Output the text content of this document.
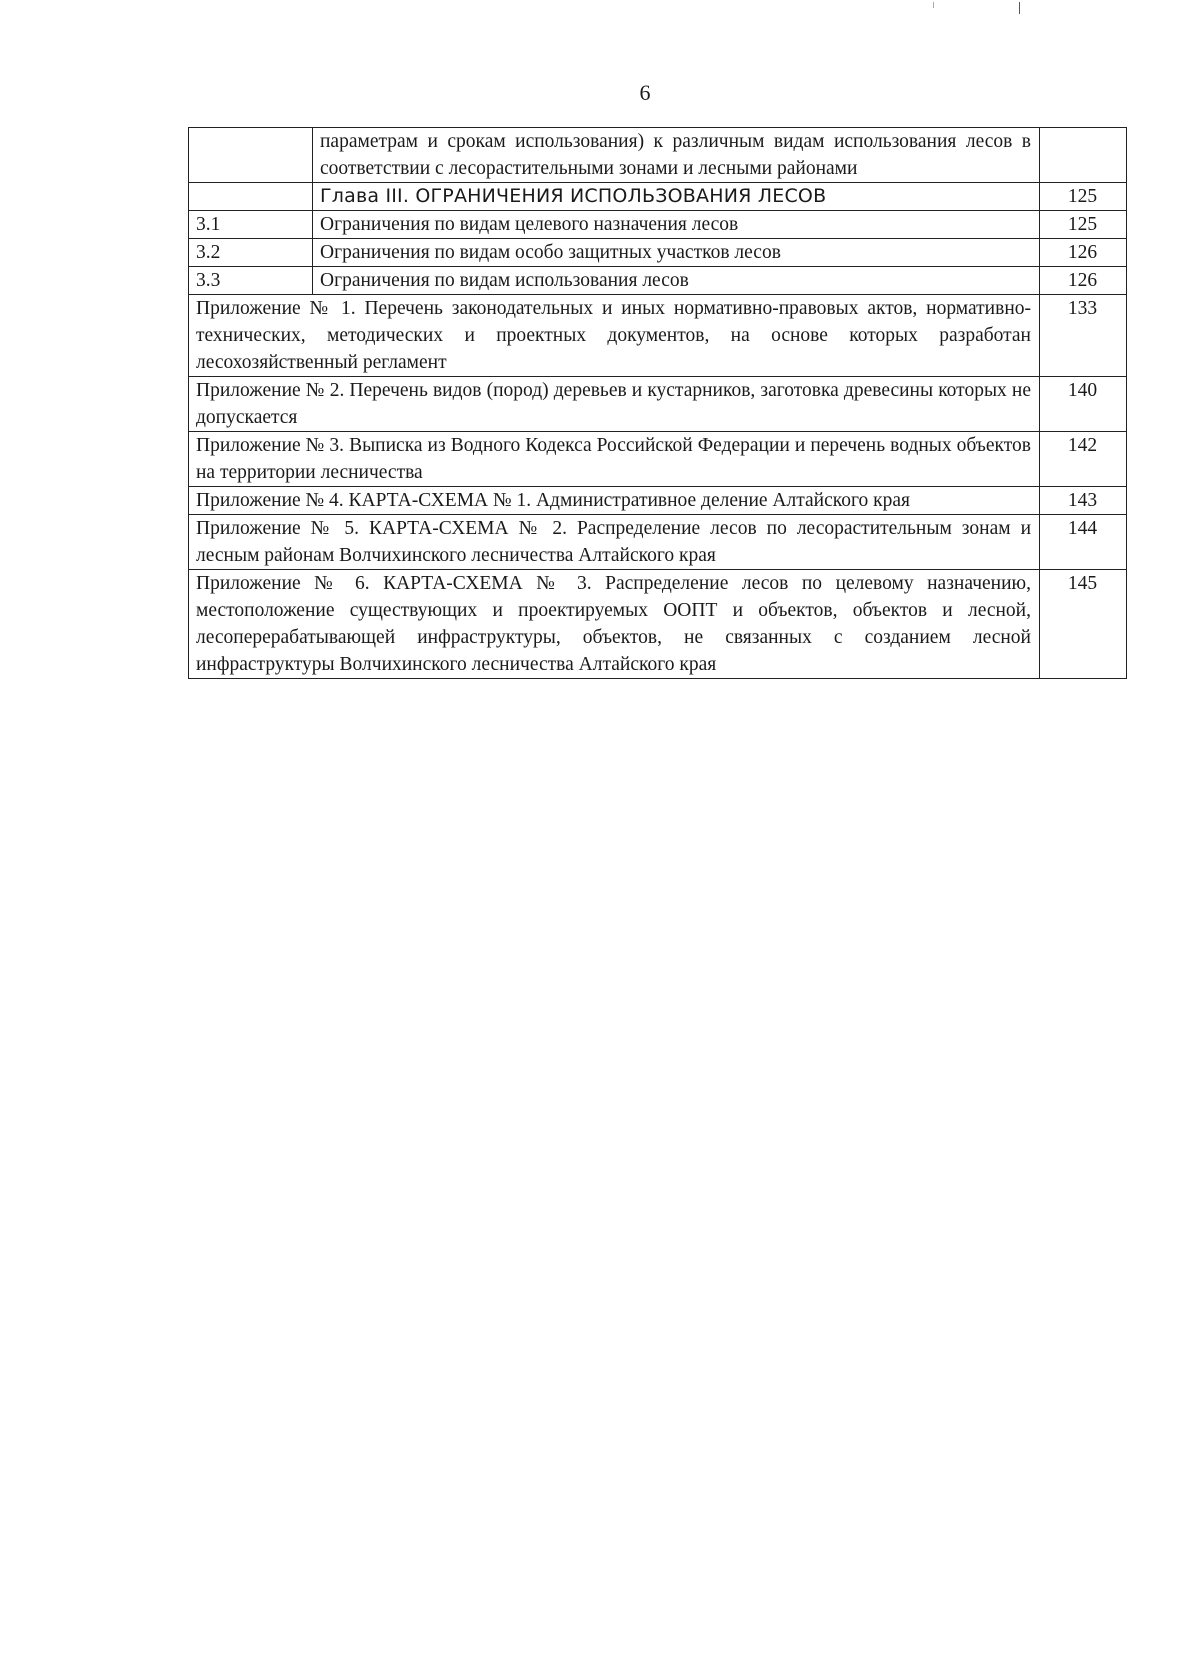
6
	параметрам и срокам использования) к различным видам использования лесов в соответствии с лесорастительными зонами и лесными районами	
	Глава III. ОГРАНИЧЕНИЯ ИСПОЛЬЗОВАНИЯ ЛЕСОВ	125
3.1	Ограничения по видам целевого назначения лесов	125
3.2	Ограничения по видам особо защитных участков лесов	126
3.3	Ограничения по видам использования лесов	126
Приложение № 1. Перечень законодательных и иных нормативно-правовых актов, нормативно-технических, методических и проектных документов, на основе которых разработан лесохозяйственный регламент		133
Приложение № 2. Перечень видов (пород) деревьев и кустарников, заготовка древесины которых не допускается		140
Приложение № 3. Выписка из Водного Кодекса Российской Федерации и перечень водных объектов на территории лесничества		142
Приложение № 4. КАРТА-СХЕМА № 1. Административное деление Алтайского края		143
Приложение № 5. КАРТА-СХЕМА № 2. Распределение лесов по лесорастительным зонам и лесным районам Волчихинского лесничества Алтайского края		144
Приложение № 6. КАРТА-СХЕМА № 3. Распределение лесов по целевому назначению, местоположение существующих и проектируемых ООПТ и объектов, объектов и лесной, лесоперерабатывающей инфраструктуры, объектов, не связанных с созданием лесной инфраструктуры Волчихинского лесничества Алтайского края		145
